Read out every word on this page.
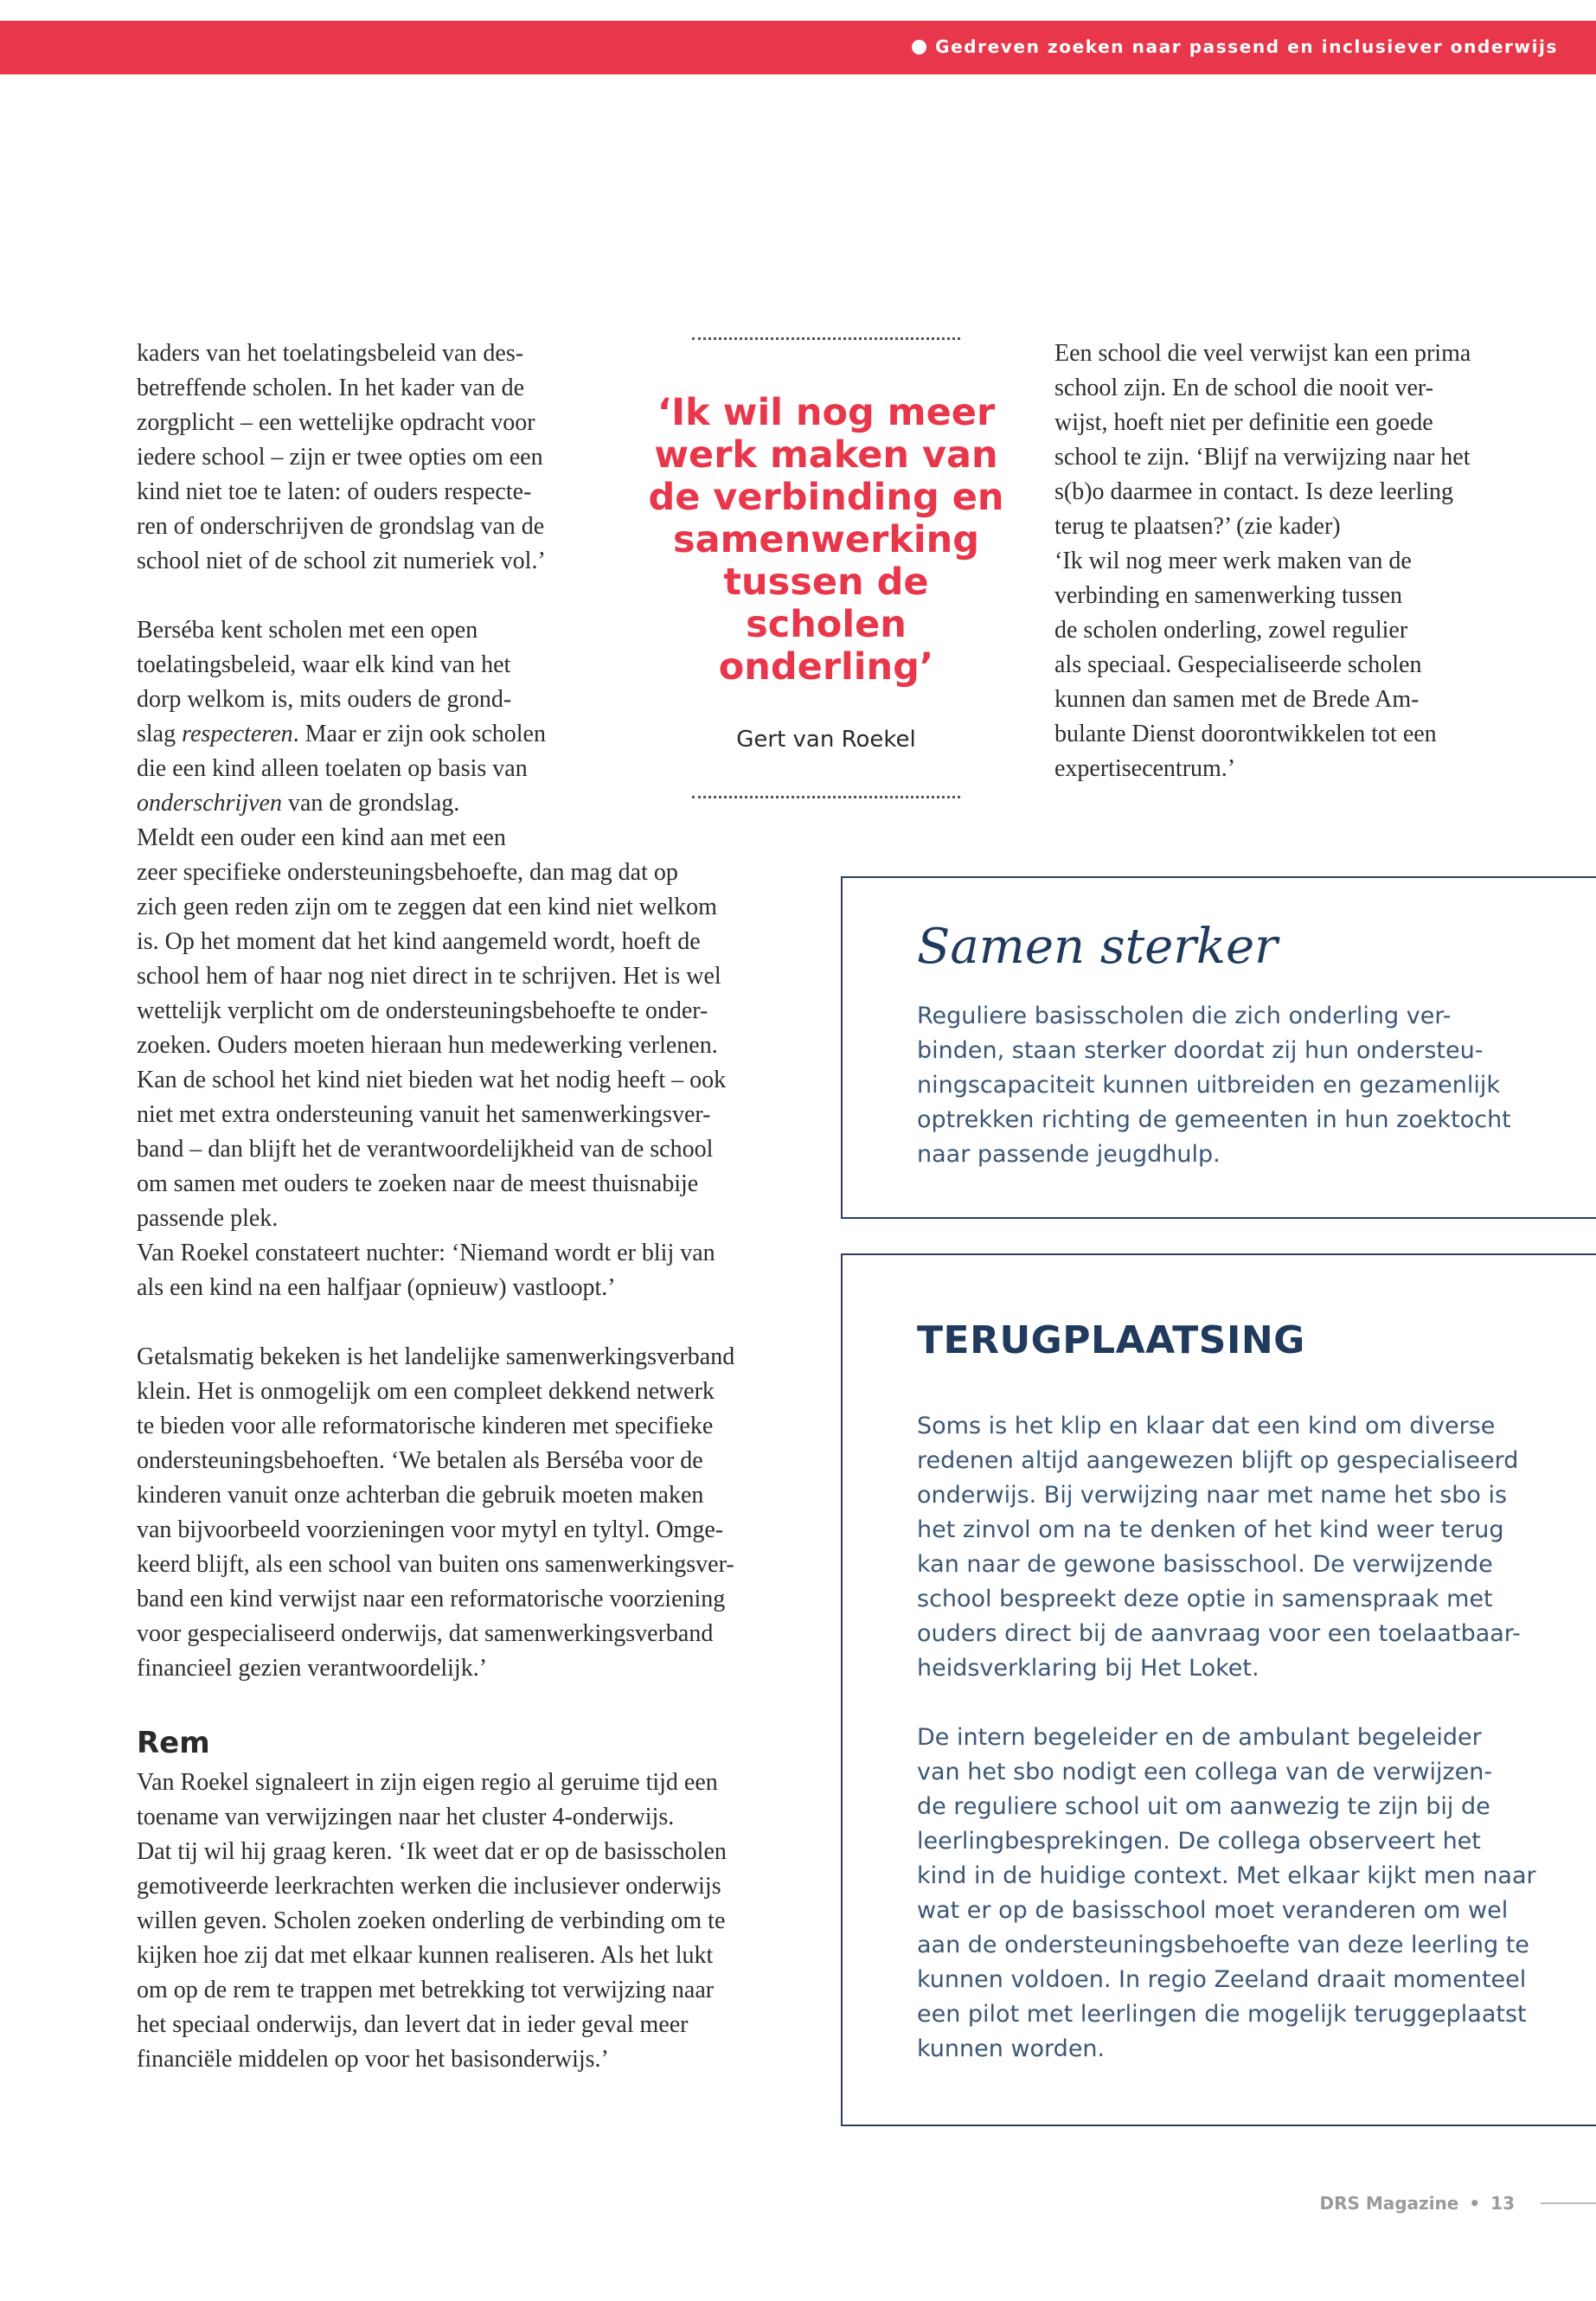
Gedreven zoeken naar passend en inclusiever onderwijs

kaders van het toelatingsbeleid van des-
betreffende scholen. In het kader van de
zorgplicht – een wettelijke opdracht voor
iedere school – zijn er twee opties om een
kind niet toe te laten: of ouders respecte-
ren of onderschrijven de grondslag van de
school niet of de school zit numeriek vol.’

Berséba kent scholen met een open
toelatingsbeleid, waar elk kind van het
dorp welkom is, mits ouders de grond-
slag respecteren. Maar er zijn ook scholen
die een kind alleen toelaten op basis van
onderschrijven van de grondslag.
Meldt een ouder een kind aan met een
zeer specifieke ondersteuningsbehoefte, dan mag dat op
zich geen reden zijn om te zeggen dat een kind niet welkom
is. Op het moment dat het kind aangemeld wordt, hoeft de
school hem of haar nog niet direct in te schrijven. Het is wel
wettelijk verplicht om de ondersteuningsbehoefte te onder-
zoeken. Ouders moeten hieraan hun medewerking verlenen.
Kan de school het kind niet bieden wat het nodig heeft – ook
niet met extra ondersteuning vanuit het samenwerkingsver-
band – dan blijft het de verantwoordelijkheid van de school
om samen met ouders te zoeken naar de meest thuisnabije
passende plek.
Van Roekel constateert nuchter: ‘Niemand wordt er blij van
als een kind na een halfjaar (opnieuw) vastloopt.’

Getalsmatig bekeken is het landelijke samenwerkingsverband
klein. Het is onmogelijk om een compleet dekkend netwerk
te bieden voor alle reformatorische kinderen met specifieke
ondersteuningsbehoeften. ‘We betalen als Berséba voor de
kinderen vanuit onze achterban die gebruik moeten maken
van bijvoorbeeld voorzieningen voor mytyl en tyltyl. Omge-
keerd blijft, als een school van buiten ons samenwerkingsver-
band een kind verwijst naar een reformatorische voorziening
voor gespecialiseerd onderwijs, dat samenwerkingsverband
financieel gezien verantwoordelijk.’

Rem

Van Roekel signaleert in zijn eigen regio al geruime tijd een
toename van verwijzingen naar het cluster 4-onderwijs.
Dat tij wil hij graag keren. ‘Ik weet dat er op de basisscholen
gemotiveerde leerkrachten werken die inclusiever onderwijs
willen geven. Scholen zoeken onderling de verbinding om te
kijken hoe zij dat met elkaar kunnen realiseren. Als het lukt
om op de rem te trappen met betrekking tot verwijzing naar
het speciaal onderwijs, dan levert dat in ieder geval meer
financiële middelen op voor het basisonderwijs.’

‘Ik wil nog meer
werk maken van
de verbinding en
samenwerking
tussen de scholen
onderling’
Gert van Roekel

Een school die veel verwijst kan een prima
school zijn. En de school die nooit ver-
wijst, hoeft niet per definitie een goede
school te zijn. ‘Blijf na verwijzing naar het
s(b)o daarmee in contact. Is deze leerling
terug te plaatsen?’ (zie kader)
‘Ik wil nog meer werk maken van de
verbinding en samenwerking tussen
de scholen onderling, zowel regulier
als speciaal. Gespecialiseerde scholen
kunnen dan samen met de Brede Am-
bulante Dienst doorontwikkelen tot een
expertisecentrum.’

Samen sterker

Reguliere basisscholen die zich onderling ver-
binden, staan sterker doordat zij hun ondersteu-
ningscapaciteit kunnen uitbreiden en gezamenlijk
optrekken richting de gemeenten in hun zoektocht
naar passende jeugdhulp.

TERUGPLAATSING

Soms is het klip en klaar dat een kind om diverse
redenen altijd aangewezen blijft op gespecialiseerd
onderwijs. Bij verwijzing naar met name het sbo is
het zinvol om na te denken of het kind weer terug
kan naar de gewone basisschool. De verwijzende
school bespreekt deze optie in samenspraak met
ouders direct bij de aanvraag voor een toelaatbaar-
heidsverklaring bij Het Loket.

De intern begeleider en de ambulant begeleider
van het sbo nodigt een collega van de verwijzen-
de reguliere school uit om aanwezig te zijn bij de
leerlingbesprekingen. De collega observeert het
kind in de huidige context. Met elkaar kijkt men naar
wat er op de basisschool moet veranderen om wel
aan de ondersteuningsbehoefte van deze leerling te
kunnen voldoen. In regio Zeeland draait momenteel
een pilot met leerlingen die mogelijk teruggeplaatst
kunnen worden.

DRS Magazine • 13
